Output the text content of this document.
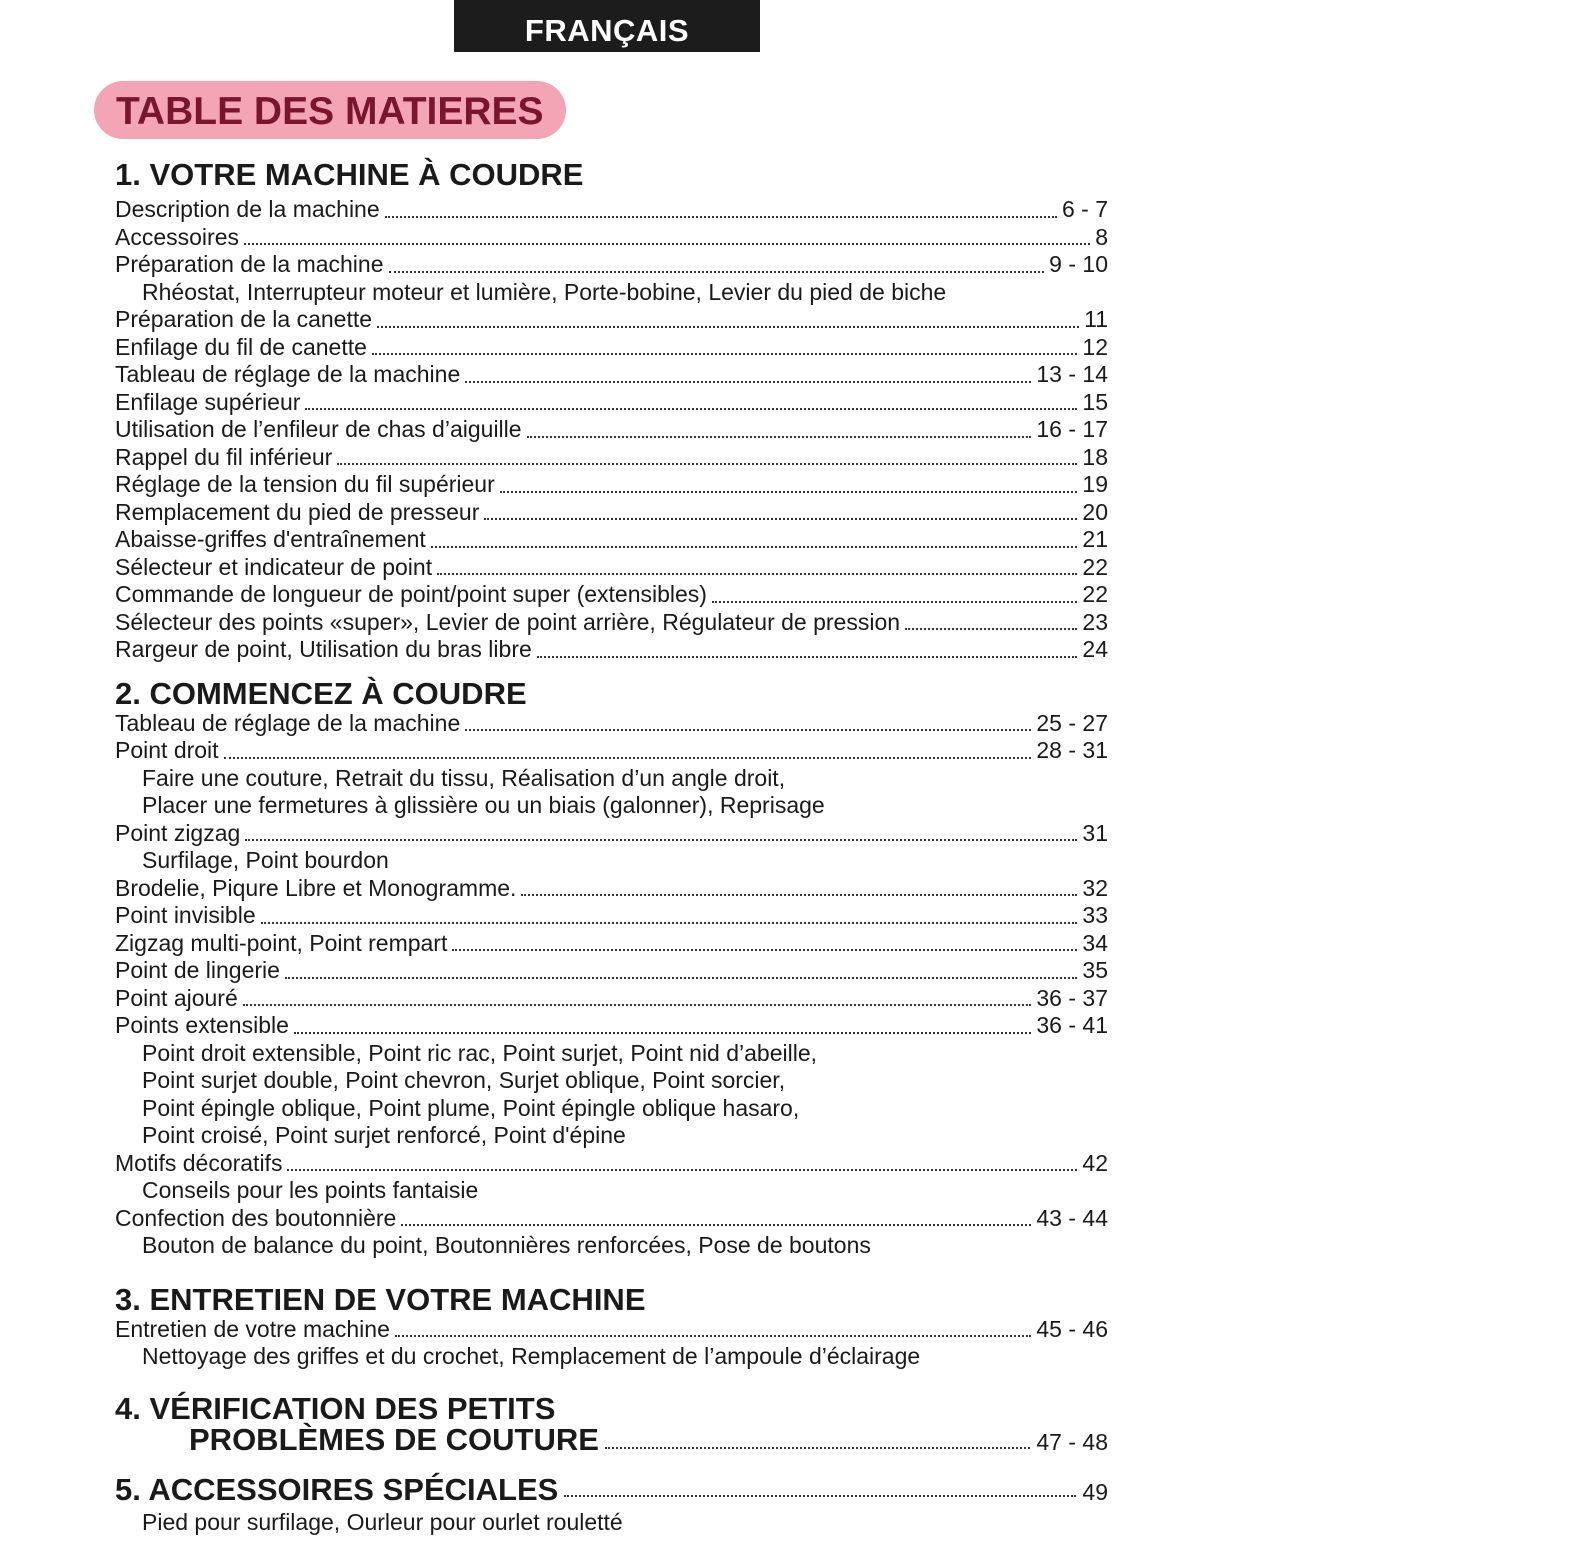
FRANÇAIS
TABLE DES MATIERES
1. VOTRE MACHINE À COUDRE
Description de la machine	6 - 7
Accessoires	8
Préparation de la machine	9 - 10
Rhéostat, Interrupteur moteur et lumière, Porte-bobine, Levier du pied de biche
Préparation de la canette	11
Enfilage du fil de canette	12
Tableau de réglage de la machine	13 - 14
Enfilage supérieur	15
Utilisation de l’enfileur de chas d’aiguille	16 - 17
Rappel du fil inférieur	18
Réglage de la tension du fil supérieur	19
Remplacement du pied de presseur	20
Abaisse-griffes d'entraînement	21
Sélecteur et indicateur de point	22
Commande de longueur de point/point super (extensibles)	22
Sélecteur des points «super», Levier de point arrière, Régulateur de pression	23
Rargeur de point, Utilisation du bras libre	24
2. COMMENCEZ À COUDRE
Tableau de réglage de la machine	25 - 27
Point droit	28 - 31
Faire une couture, Retrait du tissu, Réalisation d’un angle droit,
Placer une fermetures à glissière ou un biais (galonner), Reprisage
Point zigzag	31
Surfilage, Point bourdon
Brodelie, Piqure Libre et Monogramme.	32
Point invisible	33
Zigzag multi-point, Point rempart	34
Point de lingerie	35
Point ajouré	36 - 37
Points extensible	36 - 41
Point droit extensible, Point ric rac, Point surjet, Point nid d’abeille,
Point surjet double, Point chevron, Surjet oblique, Point sorcier,
Point épingle oblique, Point plume, Point épingle oblique hasaro,
Point croisé, Point surjet renforcé, Point d'épine
Motifs décoratifs	42
Conseils pour les points fantaisie
Confection des boutonnière	43 - 44
Bouton de balance du point, Boutonnières renforcées, Pose de boutons
3. ENTRETIEN DE VOTRE MACHINE
Entretien de votre machine	45 - 46
Nettoyage des griffes et du crochet, Remplacement de l’ampoule d’éclairage
4. VÉRIFICATION DES PETITS
PROBLÈMES DE COUTURE	47 - 48
5. ACCESSOIRES SPÉCIALES	49
Pied pour surfilage, Ourleur pour ourlet rouletté
